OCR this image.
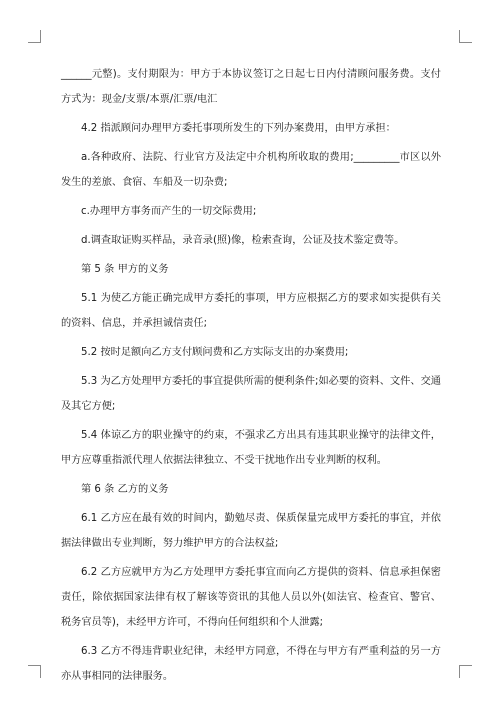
______元整)。支付期限为：甲方于本协议签订之日起七日内付清顾问服务费。支付方式为：现金/支票/本票/汇票/电汇

4.2 指派顾问办理甲方委托事项所发生的下列办案费用，由甲方承担：

a.各种政府、法院、行业官方及法定中介机构所收取的费用;_________市区以外发生的差旅、食宿、车船及一切杂费;

c.办理甲方事务而产生的一切交际费用;

d.调查取证购买样品，录音录(照)像，检索查询，公证及技术鉴定费等。

第 5 条 甲方的义务

5.1 为使乙方能正确完成甲方委托的事项，甲方应根据乙方的要求如实提供有关的资料、信息，并承担诚信责任;

5.2 按时足额向乙方支付顾问费和乙方实际支出的办案费用;

5.3 为乙方处理甲方委托的事宜提供所需的便利条件;如必要的资料、文件、交通及其它方便;

5.4 体谅乙方的职业操守的约束，不强求乙方出具有违其职业操守的法律文件，甲方应尊重指派代理人依据法律独立、不受干扰地作出专业判断的权利。

第 6 条 乙方的义务

6.1 乙方应在最有效的时间内，勤勉尽责、保质保量完成甲方委托的事宜，并依据法律做出专业判断，努力维护甲方的合法权益;

6.2 乙方应就甲方为乙方处理甲方委托事宜而向乙方提供的资料、信息承担保密责任，除依据国家法律有权了解该等资讯的其他人员以外(如法官、检查官、警官、税务官员等)，未经甲方许可，不得向任何组织和个人泄露;

6.3 乙方不得违背职业纪律，未经甲方同意，不得在与甲方有严重利益的另一方亦从事相同的法律服务。
